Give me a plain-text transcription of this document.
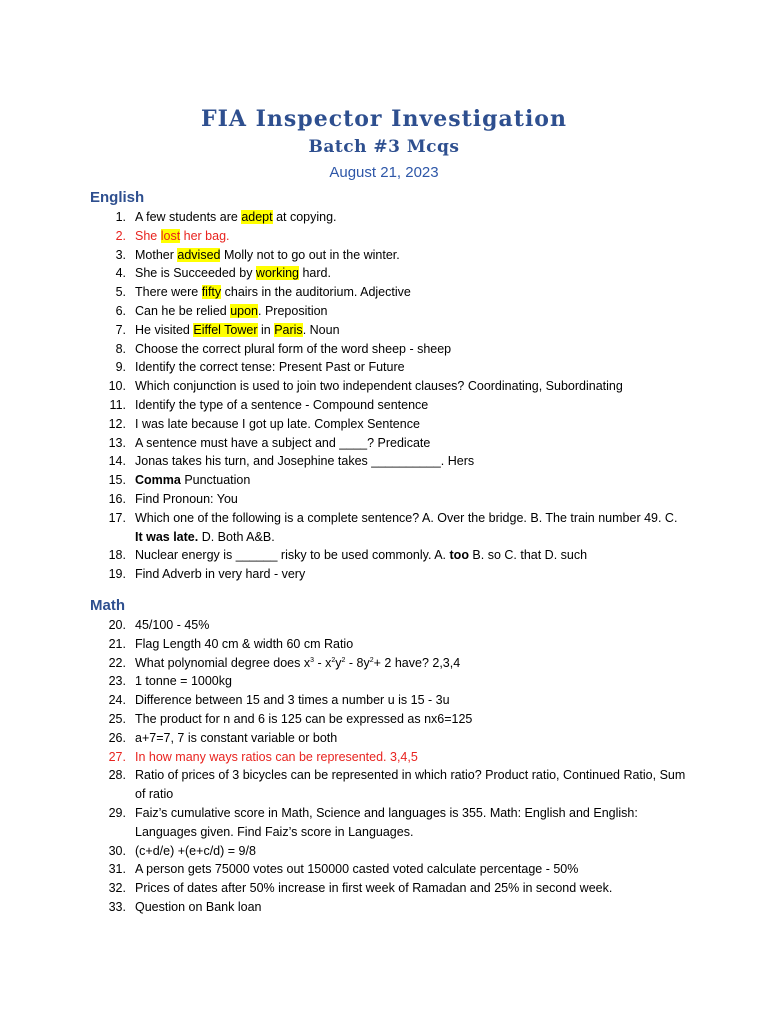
FIA Inspector Investigation
Batch #3 Mcqs
August 21, 2023
English
1. A few students are adept at copying.
2. She lost her bag.
3. Mother advised Molly not to go out in the winter.
4. She is Succeeded by working hard.
5. There were fifty chairs in the auditorium. Adjective
6. Can he be relied upon. Preposition
7. He visited Eiffel Tower in Paris. Noun
8. Choose the correct plural form of the word sheep - sheep
9. Identify the correct tense: Present Past or Future
10. Which conjunction is used to join two independent clauses? Coordinating, Subordinating
11. Identify the type of a sentence - Compound sentence
12. I was late because I got up late. Complex Sentence
13. A sentence must have a subject and ____? Predicate
14. Jonas takes his turn, and Josephine takes __________. Hers
15. Comma Punctuation
16. Find Pronoun: You
17. Which one of the following is a complete sentence? A. Over the bridge. B. The train number 49. C. It was late. D. Both A&B.
18. Nuclear energy is ______ risky to be used commonly. A. too B. so C. that D. such
19. Find Adverb in very hard - very
Math
20. 45/100 - 45%
21. Flag Length 40 cm & width 60 cm Ratio
22. What polynomial degree does $x^3 - x^2y^2 - 8y^2+ 2$ have? 2,3,4
23. 1 tonne = 1000kg
24. Difference between 15 and 3 times a number u is 15 - 3u
25. The product for n and 6 is 125 can be expressed as nx6=125
26. a+7=7, 7 is constant variable or both
27. In how many ways ratios can be represented. 3,4,5
28. Ratio of prices of 3 bicycles can be represented in which ratio? Product ratio, Continued Ratio, Sum of ratio
29. Faiz’s cumulative score in Math, Science and languages is 355. Math: English and English: Languages given. Find Faiz’s score in Languages.
30. (c+d/e) +(e+c/d) = 9/8
31. A person gets 75000 votes out 150000 casted voted calculate percentage - 50%
32. Prices of dates after 50% increase in first week of Ramadan and 25% in second week.
33. Question on Bank loan
